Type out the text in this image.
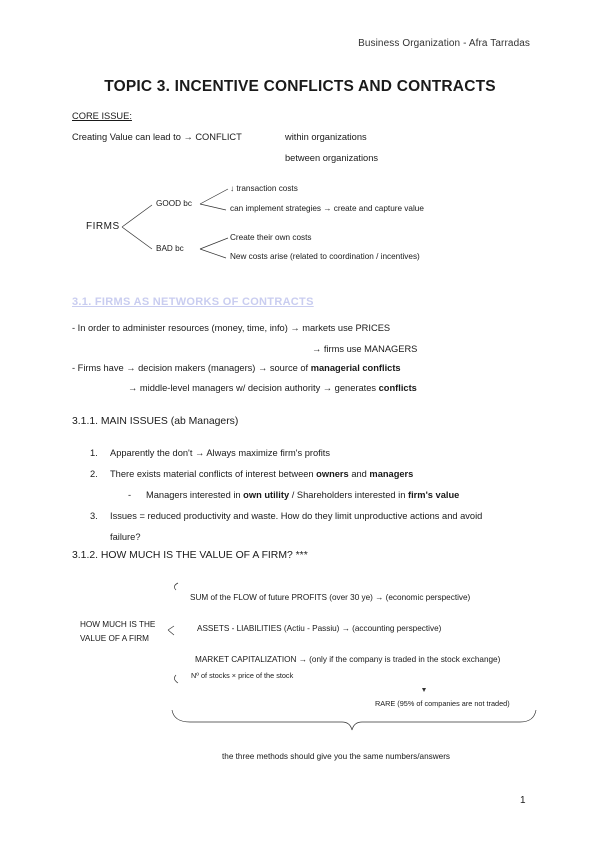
Business Organization - Afra Tarradas
TOPIC 3. INCENTIVE CONFLICTS AND CONTRACTS
CORE ISSUE:
Creating Value can lead to → CONFLICT	within organizations
between organizations
FIRMS
GOOD bc
↓ transaction costs
can implement strategies → create and capture value
BAD bc
Create their own costs
New costs arise (related to coordination / incentives)
3.1. FIRMS AS NETWORKS OF CONTRACTS
- In order to administer resources (money, time, info) → markets use PRICES
→ firms use MANAGERS
- Firms have → decision makers (managers) → source of managerial conflicts
→ middle-level managers w/ decision authority → generates conflicts
3.1.1. MAIN ISSUES (ab Managers)
1. Apparently the don't → Always maximize firm's profits
2. There exists material conflicts of interest between owners and managers
- Managers interested in own utility / Shareholders interested in firm's value
3. Issues = reduced productivity and waste. How do they limit unproductive actions and avoid
failure?
3.1.2. HOW MUCH IS THE VALUE OF A FIRM? ***
HOW MUCH IS THE
VALUE OF A FIRM
SUM of the FLOW of future PROFITS (over 30 ye) → (economic perspective)
ASSETS - LIABILITIES (Actiu - Passiu) → (accounting perspective)
MARKET CAPITALIZATION → (only if the company is traded in the stock exchange)
Nº of stocks × price of the stock
RARE (95% of companies are not traded)
the three methods should give you the same numbers/answers
1
